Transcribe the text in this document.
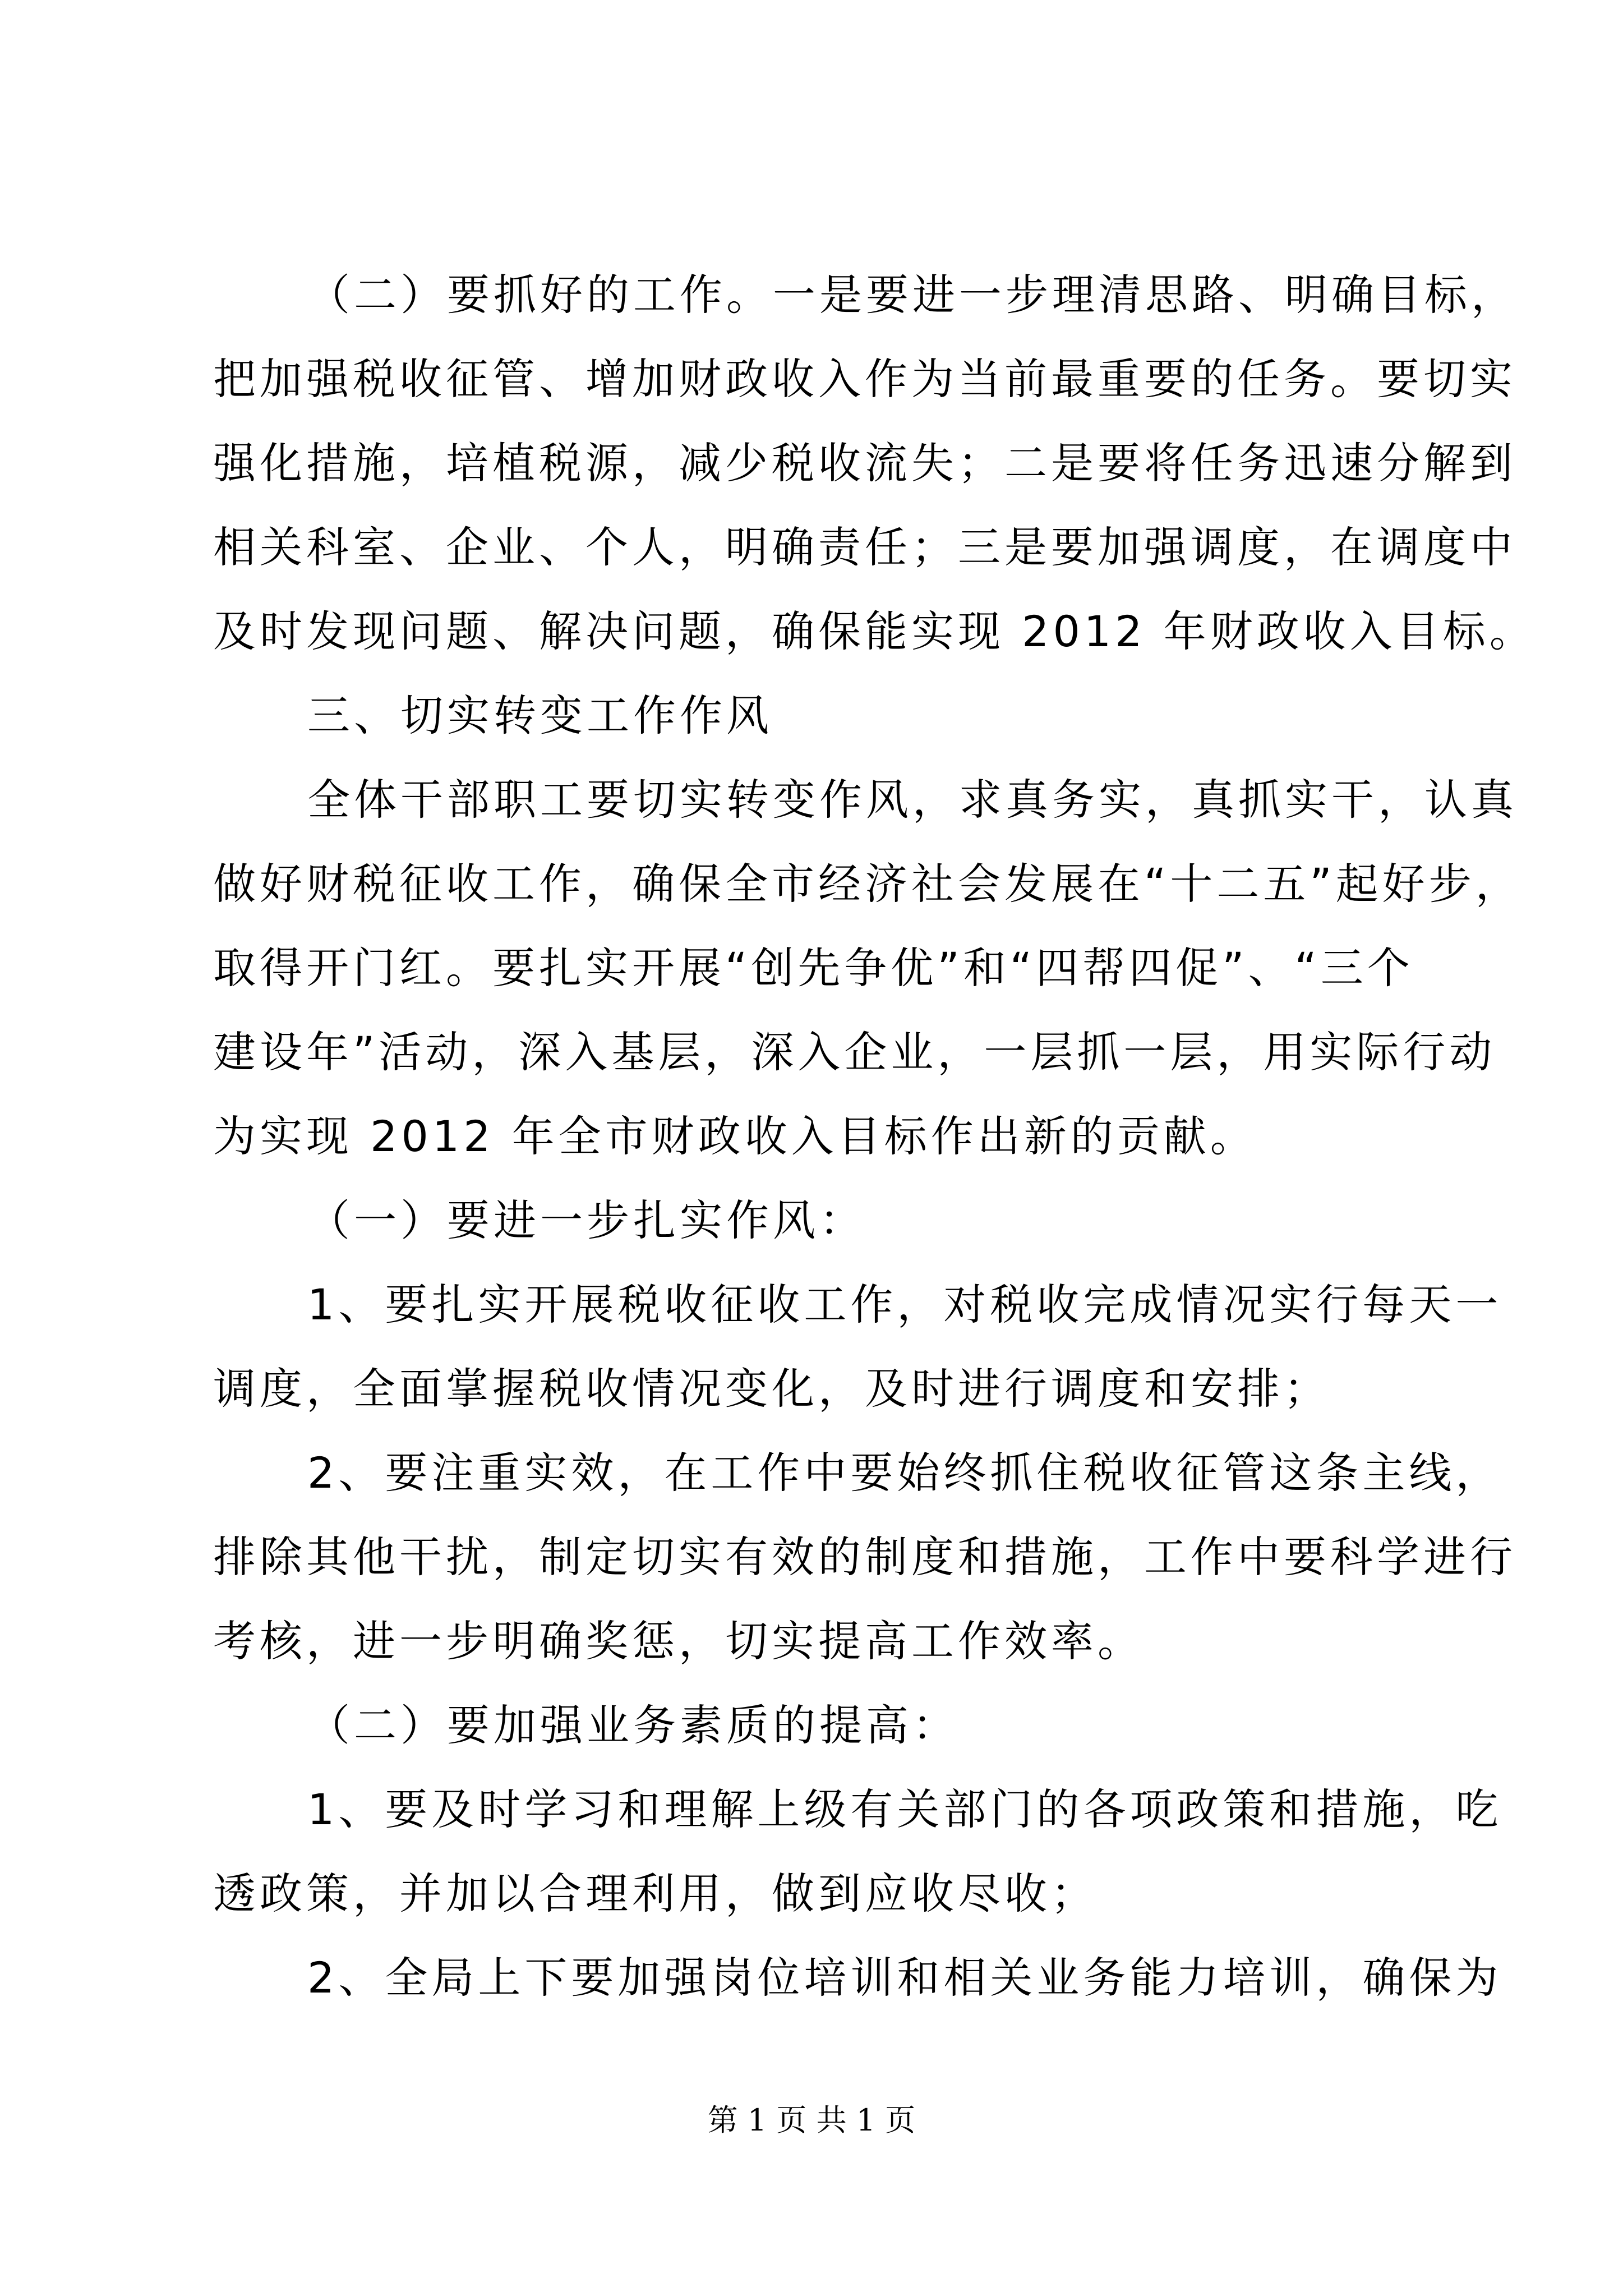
（二）要抓好的工作。一是要进一步理清思路、明确目标，
把加强税收征管、增加财政收入作为当前最重要的任务。要切实
强化措施，培植税源，减少税收流失；二是要将任务迅速分解到
相关科室、企业、个人，明确责任；三是要加强调度，在调度中
及时发现问题、解决问题，确保能实现 2012 年财政收入目标。
三、切实转变工作作风
全体干部职工要切实转变作风，求真务实，真抓实干，认真
做好财税征收工作，确保全市经济社会发展在“十二五”起好步，
取得开门红。要扎实开展“创先争优”和“四帮四促”、“三个
建设年”活动，深入基层，深入企业，一层抓一层，用实际行动
为实现 2012 年全市财政收入目标作出新的贡献。
（一）要进一步扎实作风：
1、要扎实开展税收征收工作，对税收完成情况实行每天一
调度，全面掌握税收情况变化，及时进行调度和安排；
2、要注重实效，在工作中要始终抓住税收征管这条主线，
排除其他干扰，制定切实有效的制度和措施，工作中要科学进行
考核，进一步明确奖惩，切实提高工作效率。
（二）要加强业务素质的提高：
1、要及时学习和理解上级有关部门的各项政策和措施，吃
透政策，并加以合理利用，做到应收尽收；
2、全局上下要加强岗位培训和相关业务能力培训，确保为
第 1 页 共 1 页
